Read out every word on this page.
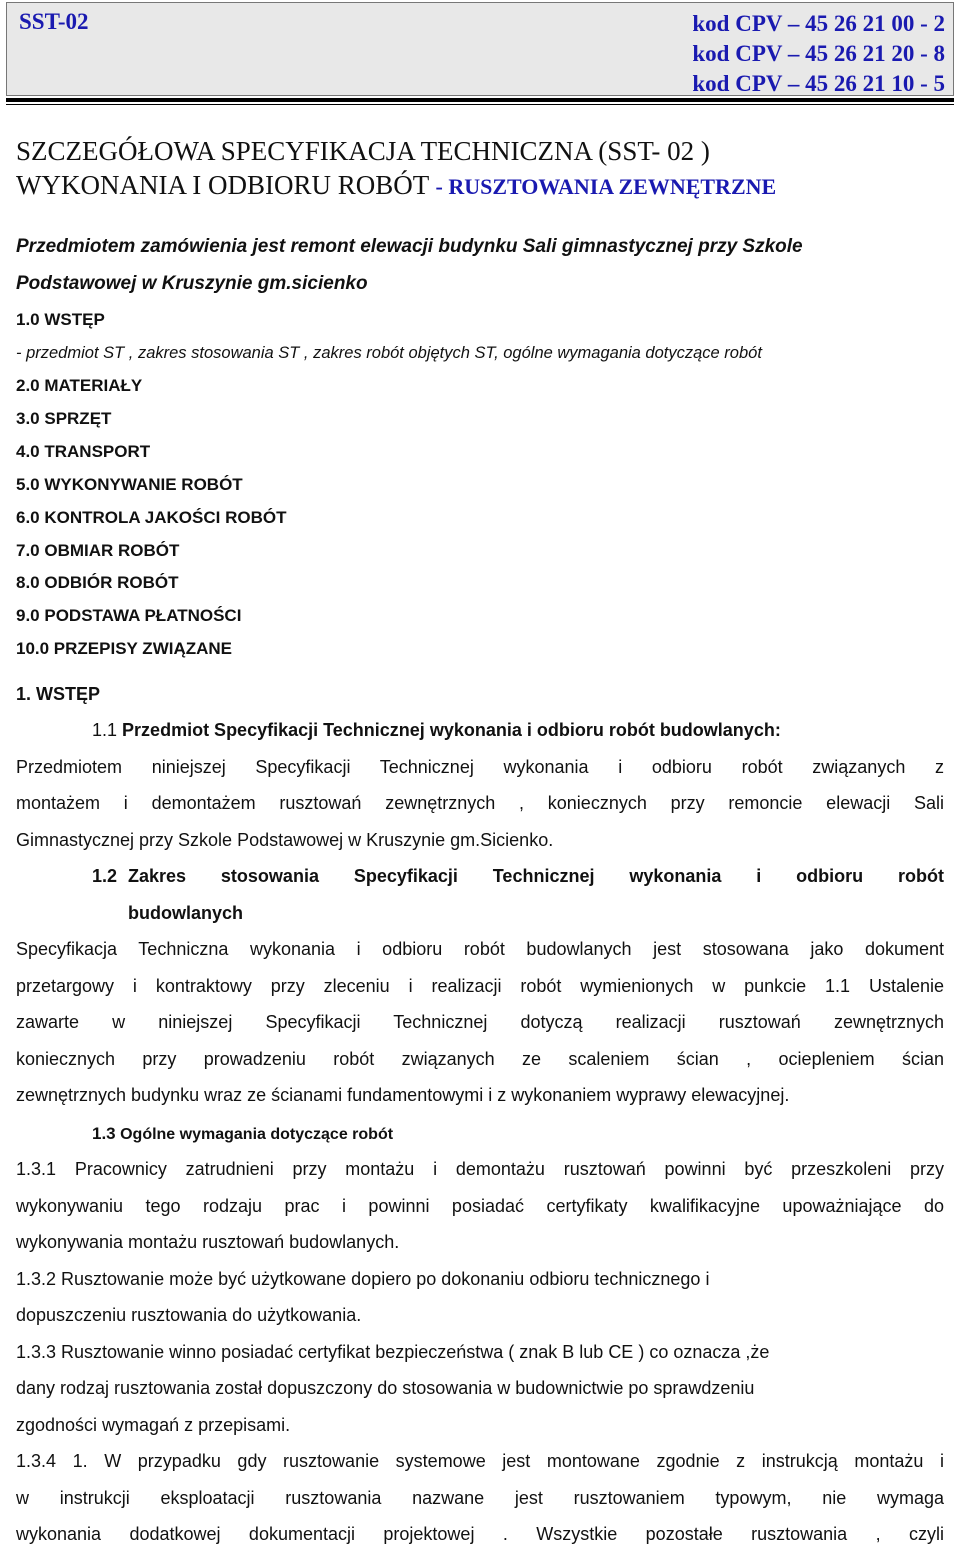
SST-02	kod CPV – 45 26 21 00 - 2
kod CPV – 45 26 21 20 - 8
kod CPV – 45 26 21 10 - 5
SZCZEGÓŁOWA SPECYFIKACJA TECHNICZNA (SST- 02 )
WYKONANIA I ODBIORU ROBÓT - RUSZTOWANIA ZEWNĘTRZNE
Przedmiotem zamówienia jest remont elewacji budynku Sali gimnastycznej przy Szkole
Podstawowej w Kruszynie gm.sicienko
1.0 WSTĘP
- przedmiot ST , zakres stosowania ST , zakres robót objętych ST, ogólne wymagania dotyczące robót
2.0 MATERIAŁY
3.0 SPRZĘT
4.0 TRANSPORT
5.0 WYKONYWANIE ROBÓT
6.0 KONTROLA JAKOŚCI ROBÓT
7.0 OBMIAR ROBÓT
8.0 ODBIÓR ROBÓT
9.0 PODSTAWA PŁATNOŚCI
10.0 PRZEPISY ZWIĄZANE
1. WSTĘP
1.1 Przedmiot Specyfikacji Technicznej wykonania i odbioru robót budowlanych:
Przedmiotem niniejszej Specyfikacji Technicznej wykonania i odbioru robót związanych z
montażem i demontażem rusztowań zewnętrznych , koniecznych przy remoncie elewacji Sali
Gimnastycznej przy Szkole Podstawowej w Kruszynie gm.Sicienko.
1.2 Zakres stosowania Specyfikacji Technicznej wykonania i odbioru robót
budowlanych
Specyfikacja Techniczna wykonania i odbioru robót budowlanych jest stosowana jako dokument
przetargowy i kontraktowy przy zleceniu i realizacji robót wymienionych w punkcie 1.1 Ustalenie
zawarte w niniejszej Specyfikacji Technicznej dotyczą realizacji rusztowań zewnętrznych
koniecznych przy prowadzeniu robót związanych ze scaleniem ścian , ociepleniem ścian
zewnętrznych budynku wraz ze ścianami fundamentowymi i z wykonaniem wyprawy elewacyjnej.
1.3 Ogólne wymagania dotyczące robót
1.3.1 Pracownicy zatrudnieni przy montażu i demontażu rusztowań powinni być przeszkoleni przy
wykonywaniu tego rodzaju prac i powinni posiadać certyfikaty kwalifikacyjne upoważniające do
wykonywania montażu rusztowań budowlanych.
1.3.2 Rusztowanie może być użytkowane dopiero po dokonaniu odbioru technicznego i
dopuszczeniu rusztowania do użytkowania.
1.3.3 Rusztowanie winno posiadać certyfikat bezpieczeństwa ( znak B lub CE ) co oznacza ,że
dany rodzaj rusztowania został dopuszczony do stosowania w budownictwie po sprawdzeniu
zgodności wymagań z przepisami.
1.3.4 1. W przypadku gdy rusztowanie systemowe jest montowane zgodnie z instrukcją montażu i
w instrukcji eksploatacji rusztowania nazwane jest rusztowaniem typowym, nie wymaga
wykonania dodatkowej dokumentacji projektowej . Wszystkie pozostałe rusztowania , czyli
